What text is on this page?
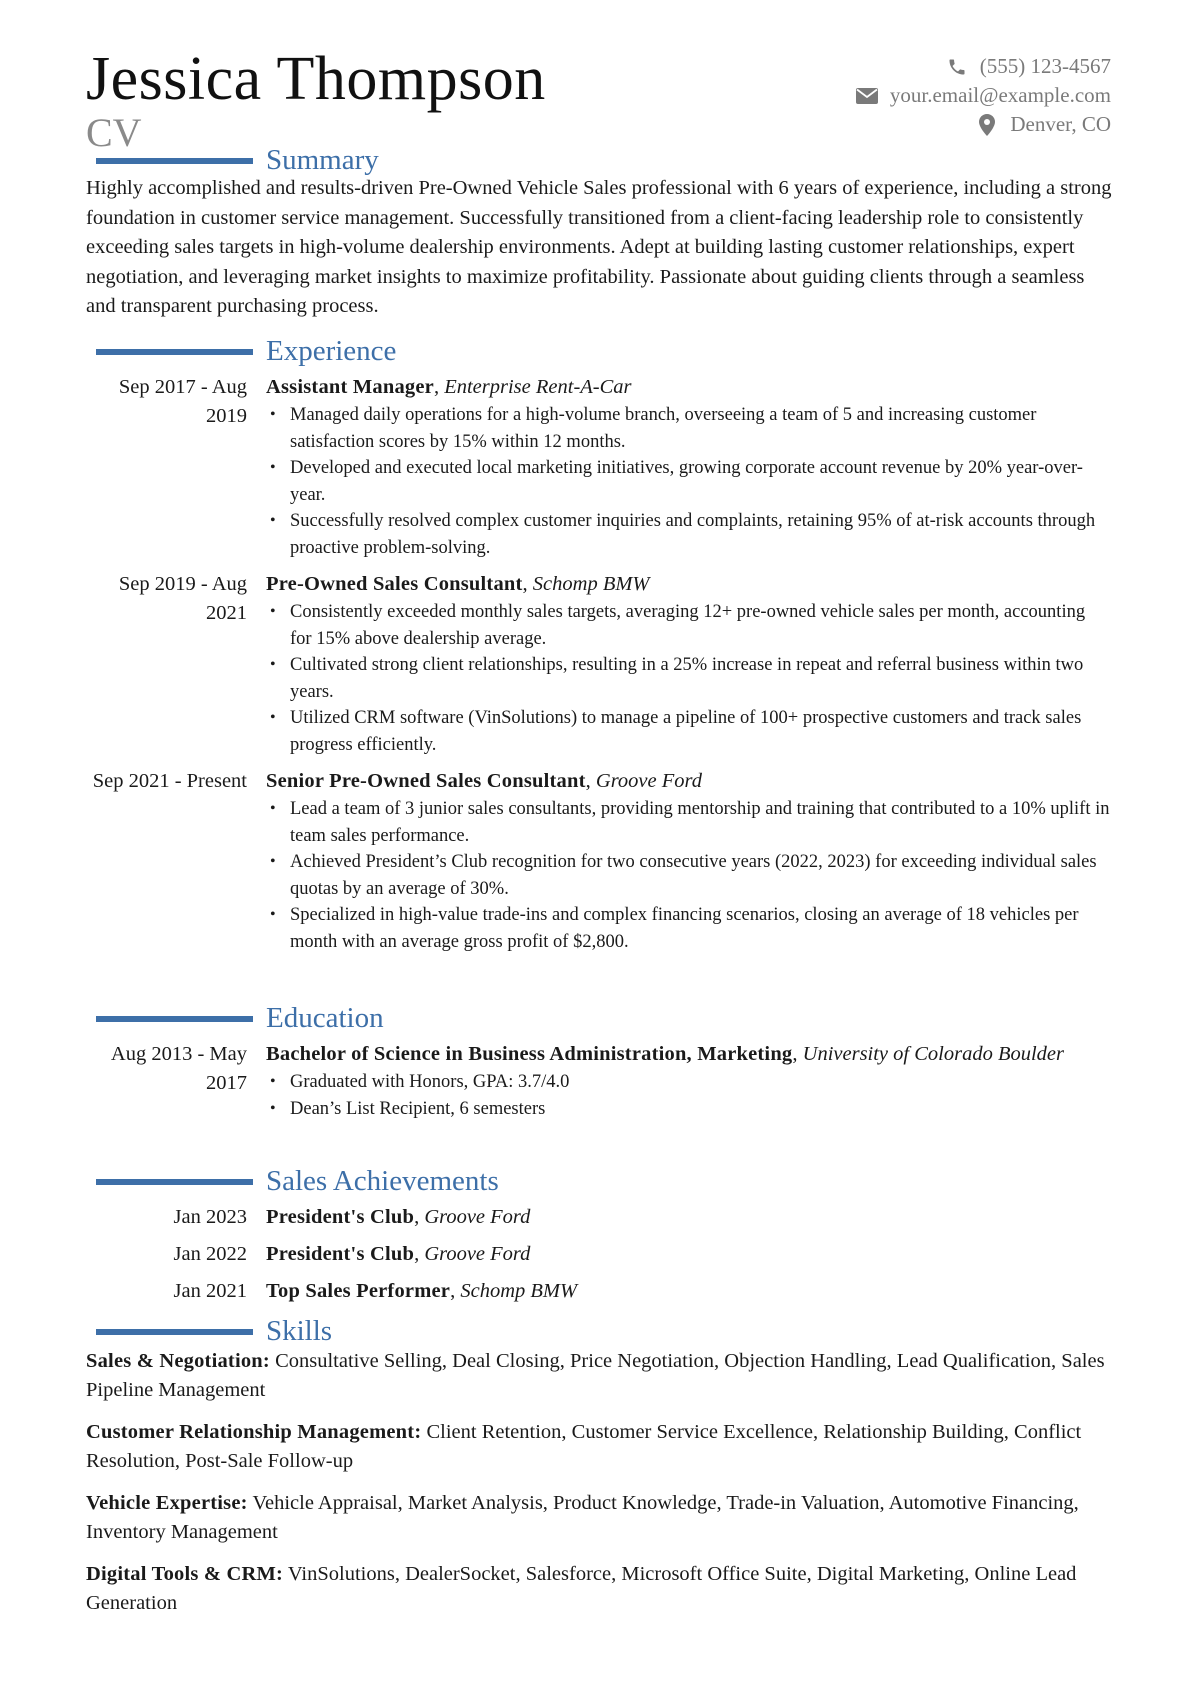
Jessica Thompson
CV
(555) 123-4567
your.email@example.com
Denver, CO
Summary
Highly accomplished and results-driven Pre-Owned Vehicle Sales professional with 6 years of experience, including a strong foundation in customer service management. Successfully transitioned from a client-facing leadership role to consistently exceeding sales targets in high-volume dealership environments. Adept at building lasting customer relationships, expert negotiation, and leveraging market insights to maximize profitability. Passionate about guiding clients through a seamless and transparent purchasing process.
Experience
Sep 2017 - Aug 2019
Assistant Manager, Enterprise Rent-A-Car
• Managed daily operations for a high-volume branch, overseeing a team of 5 and increasing customer satisfaction scores by 15% within 12 months.
• Developed and executed local marketing initiatives, growing corporate account revenue by 20% year-over-year.
• Successfully resolved complex customer inquiries and complaints, retaining 95% of at-risk accounts through proactive problem-solving.
Sep 2019 - Aug 2021
Pre-Owned Sales Consultant, Schomp BMW
• Consistently exceeded monthly sales targets, averaging 12+ pre-owned vehicle sales per month, accounting for 15% above dealership average.
• Cultivated strong client relationships, resulting in a 25% increase in repeat and referral business within two years.
• Utilized CRM software (VinSolutions) to manage a pipeline of 100+ prospective customers and track sales progress efficiently.
Sep 2021 - Present Senior Pre-Owned Sales Consultant, Groove Ford
• Lead a team of 3 junior sales consultants, providing mentorship and training that contributed to a 10% uplift in team sales performance.
• Achieved President’s Club recognition for two consecutive years (2022, 2023) for exceeding individual sales quotas by an average of 30%.
• Specialized in high-value trade-ins and complex financing scenarios, closing an average of 18 vehicles per month with an average gross profit of $2,800.
Education
Aug 2013 - May 2017
Bachelor of Science in Business Administration, Marketing, University of Colorado Boulder
• Graduated with Honors, GPA: 3.7/4.0
• Dean’s List Recipient, 6 semesters
Sales Achievements
Jan 2023 President's Club, Groove Ford
Jan 2022 President's Club, Groove Ford
Jan 2021 Top Sales Performer, Schomp BMW
Skills
Sales & Negotiation: Consultative Selling, Deal Closing, Price Negotiation, Objection Handling, Lead Qualification, Sales Pipeline Management
Customer Relationship Management: Client Retention, Customer Service Excellence, Relationship Building, Conflict Resolution, Post-Sale Follow-up
Vehicle Expertise: Vehicle Appraisal, Market Analysis, Product Knowledge, Trade-in Valuation, Automotive Financing, Inventory Management
Digital Tools & CRM: VinSolutions, DealerSocket, Salesforce, Microsoft Office Suite, Digital Marketing, Online Lead Generation
